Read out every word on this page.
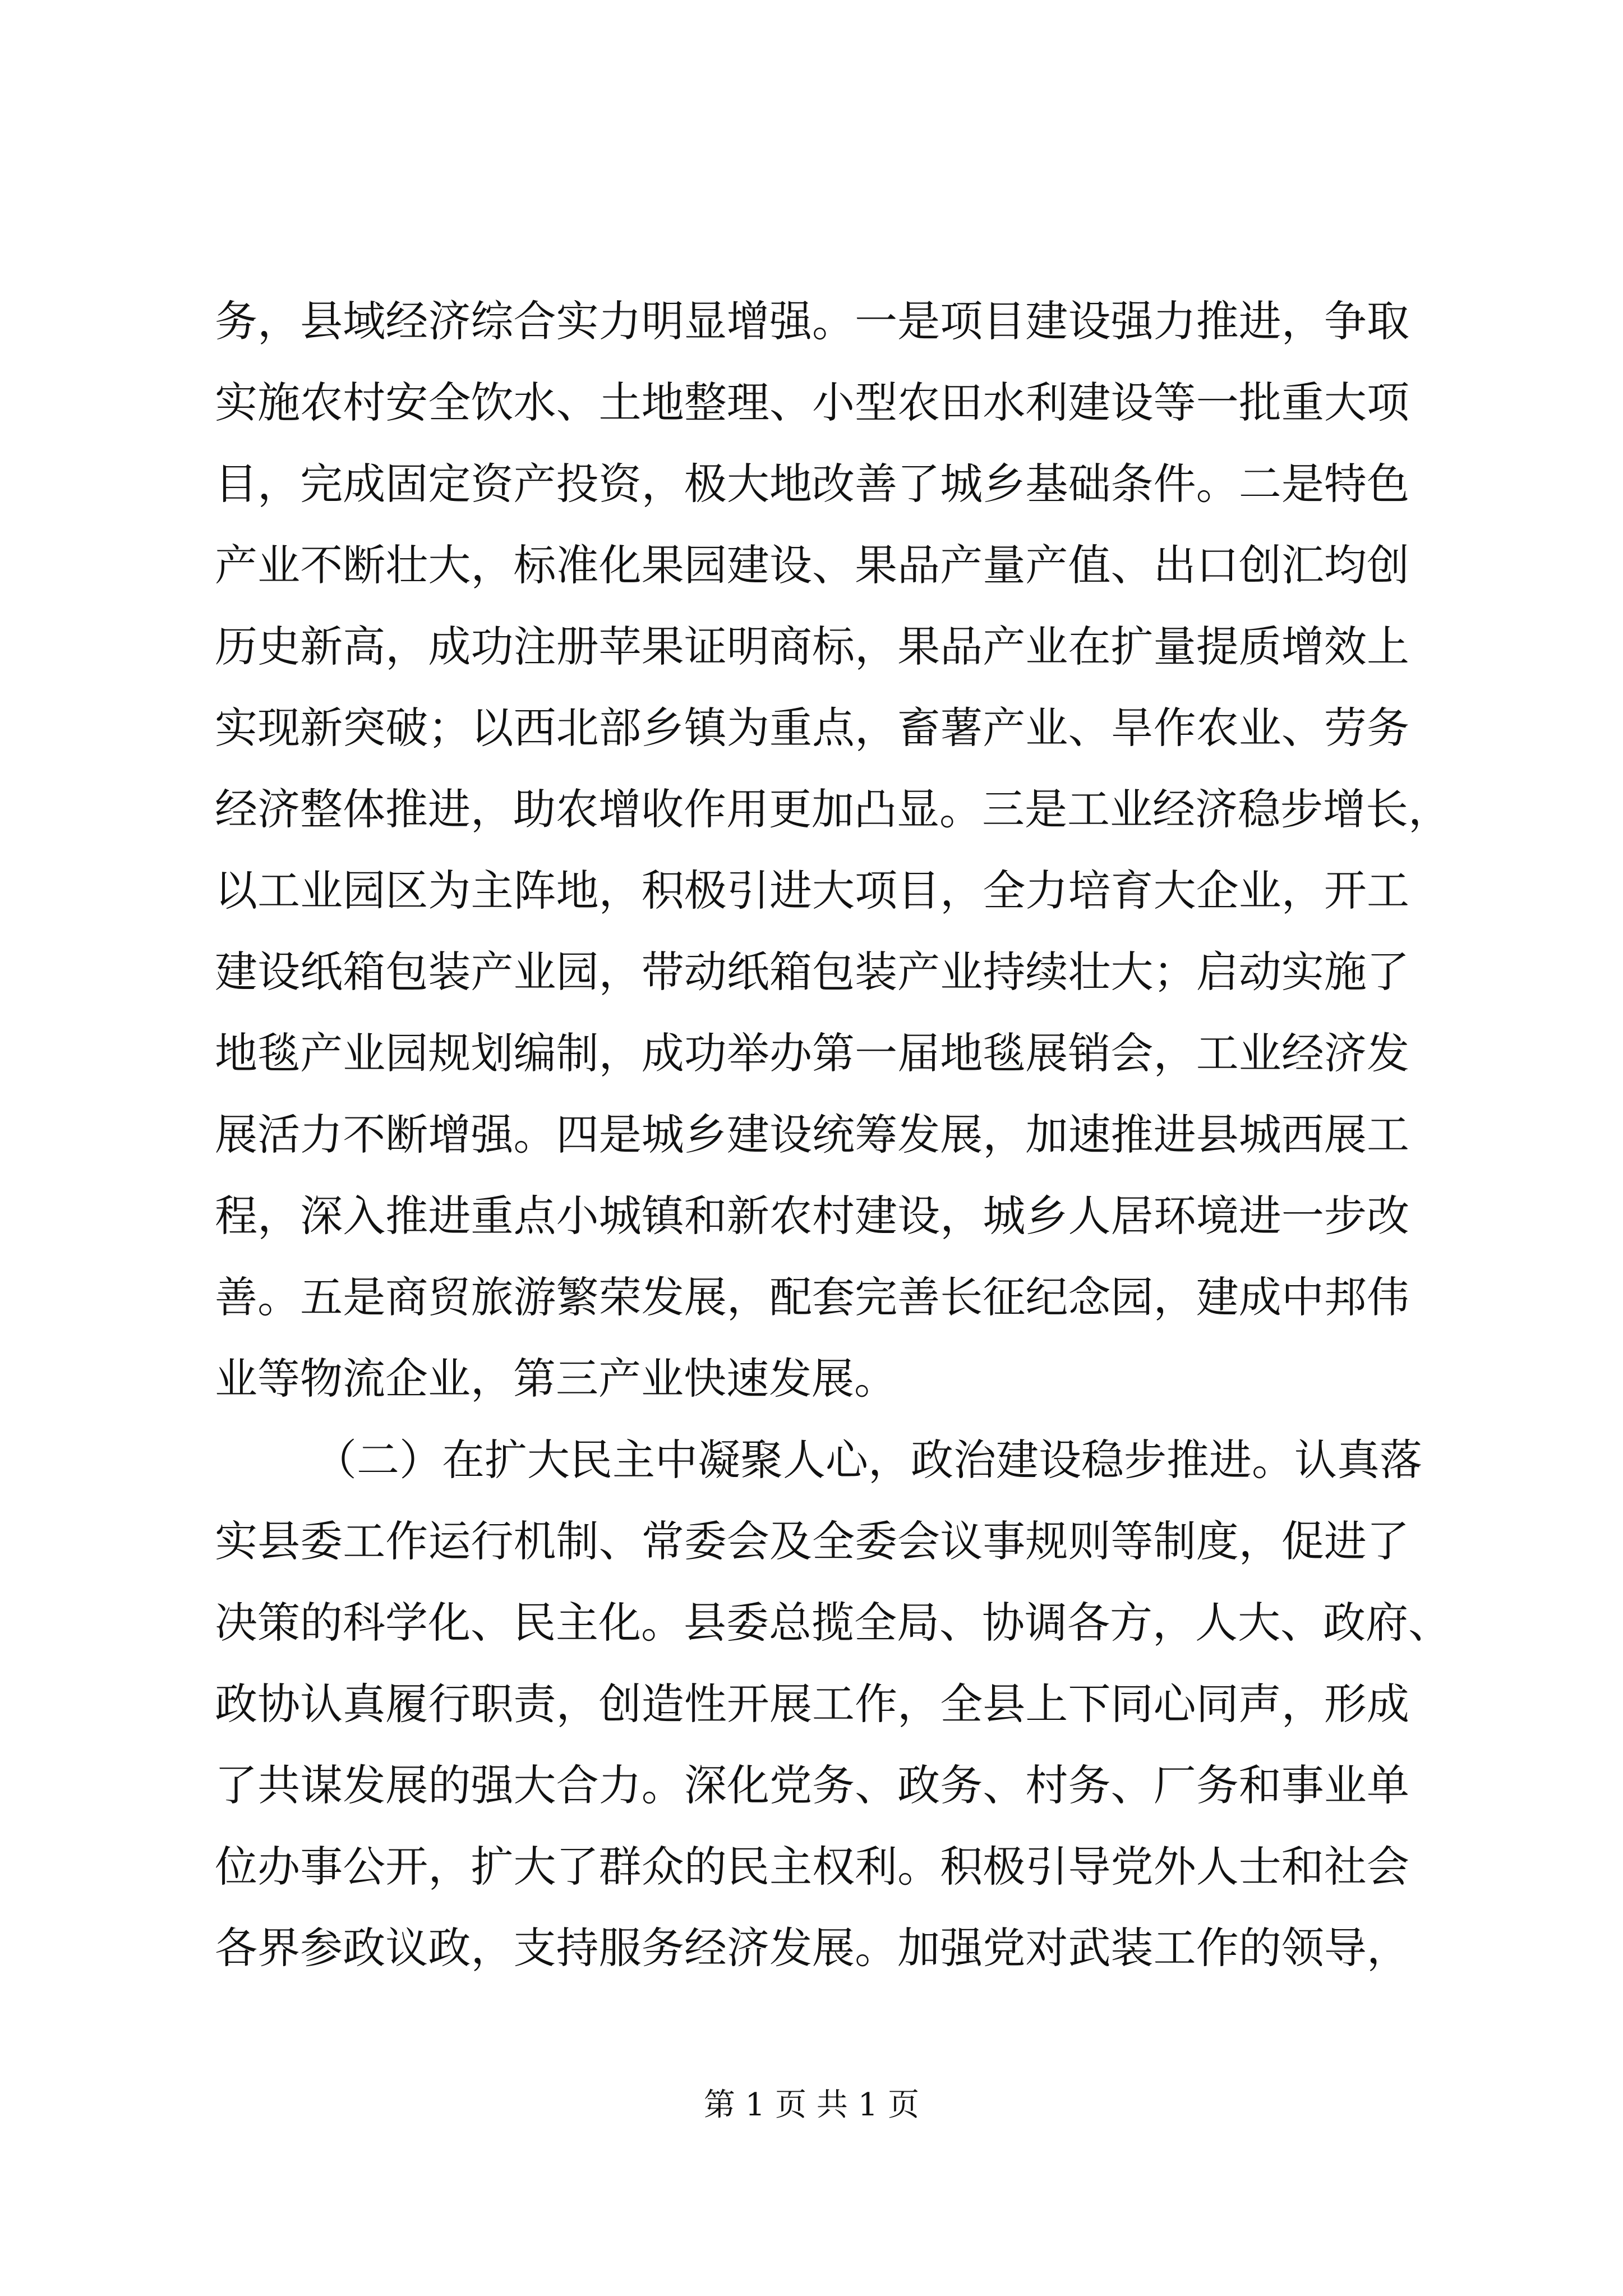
务，县域经济综合实力明显增强。一是项目建设强力推进，争取
实施农村安全饮水、土地整理、小型农田水利建设等一批重大项
目，完成固定资产投资，极大地改善了城乡基础条件。二是特色
产业不断壮大，标准化果园建设、果品产量产值、出口创汇均创
历史新高，成功注册苹果证明商标，果品产业在扩量提质增效上
实现新突破；以西北部乡镇为重点，畜薯产业、旱作农业、劳务
经济整体推进，助农增收作用更加凸显。三是工业经济稳步增长，
以工业园区为主阵地，积极引进大项目，全力培育大企业，开工
建设纸箱包装产业园，带动纸箱包装产业持续壮大；启动实施了
地毯产业园规划编制，成功举办第一届地毯展销会，工业经济发
展活力不断增强。四是城乡建设统筹发展，加速推进县城西展工
程，深入推进重点小城镇和新农村建设，城乡人居环境进一步改
善。五是商贸旅游繁荣发展，配套完善长征纪念园，建成中邦伟
业等物流企业，第三产业快速发展。
（二）在扩大民主中凝聚人心，政治建设稳步推进。认真落
实县委工作运行机制、常委会及全委会议事规则等制度，促进了
决策的科学化、民主化。县委总揽全局、协调各方，人大、政府、
政协认真履行职责，创造性开展工作，全县上下同心同声，形成
了共谋发展的强大合力。深化党务、政务、村务、厂务和事业单
位办事公开，扩大了群众的民主权利。积极引导党外人士和社会
各界参政议政，支持服务经济发展。加强党对武装工作的领导，
第 1 页 共 1 页
